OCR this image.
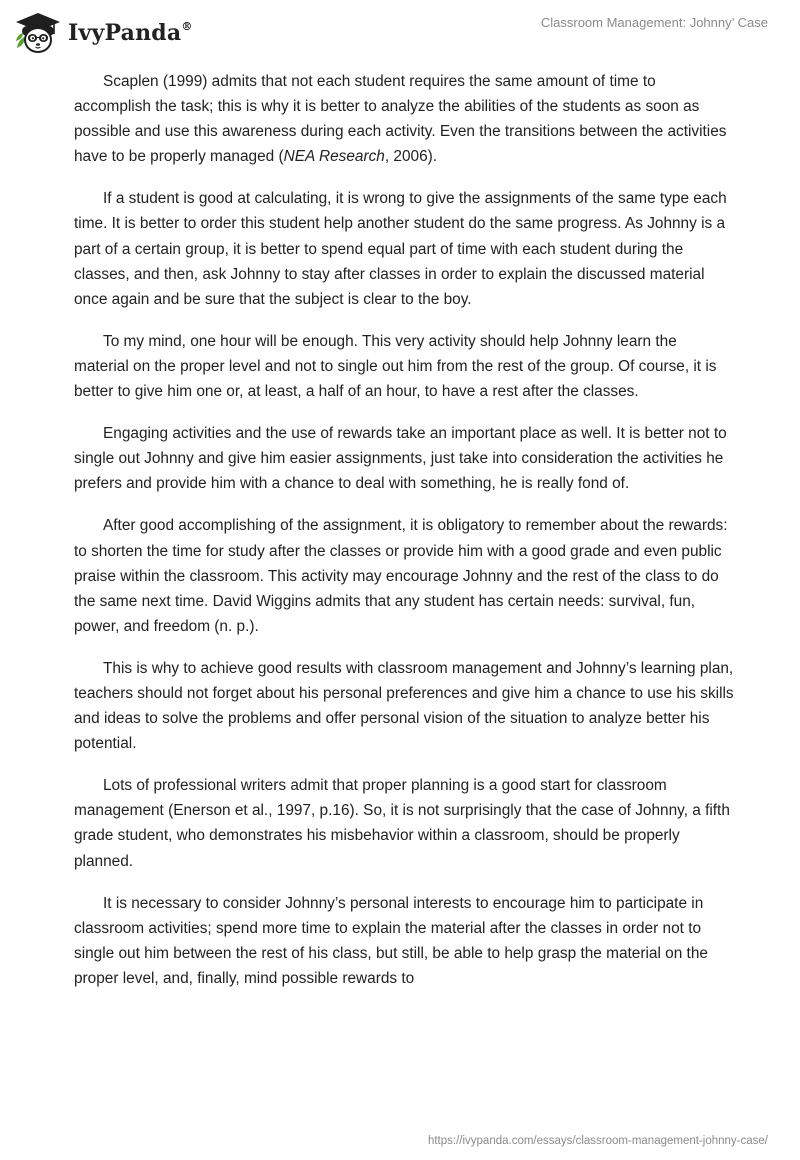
IvyPanda®	Classroom Management: Johnny’ Case

Scaplen (1999) admits that not each student requires the same amount of time to accomplish the task; this is why it is better to analyze the abilities of the students as soon as possible and use this awareness during each activity. Even the transitions between the activities have to be properly managed (NEA Research, 2006).

If a student is good at calculating, it is wrong to give the assignments of the same type each time. It is better to order this student help another student do the same progress. As Johnny is a part of a certain group, it is better to spend equal part of time with each student during the classes, and then, ask Johnny to stay after classes in order to explain the discussed material once again and be sure that the subject is clear to the boy.

To my mind, one hour will be enough. This very activity should help Johnny learn the material on the proper level and not to single out him from the rest of the group. Of course, it is better to give him one or, at least, a half of an hour, to have a rest after the classes.

Engaging activities and the use of rewards take an important place as well. It is better not to single out Johnny and give him easier assignments, just take into consideration the activities he prefers and provide him with a chance to deal with something, he is really fond of.

After good accomplishing of the assignment, it is obligatory to remember about the rewards: to shorten the time for study after the classes or provide him with a good grade and even public praise within the classroom. This activity may encourage Johnny and the rest of the class to do the same next time. David Wiggins admits that any student has certain needs: survival, fun, power, and freedom (n. p.).

This is why to achieve good results with classroom management and Johnny’s learning plan, teachers should not forget about his personal preferences and give him a chance to use his skills and ideas to solve the problems and offer personal vision of the situation to analyze better his potential.

Lots of professional writers admit that proper planning is a good start for classroom management (Enerson et al., 1997, p.16). So, it is not surprisingly that the case of Johnny, a fifth grade student, who demonstrates his misbehavior within a classroom, should be properly planned.

It is necessary to consider Johnny’s personal interests to encourage him to participate in classroom activities; spend more time to explain the material after the classes in order not to single out him between the rest of his class, but still, be able to help grasp the material on the proper level, and, finally, mind possible rewards to

https://ivypanda.com/essays/classroom-management-johnny-case/
